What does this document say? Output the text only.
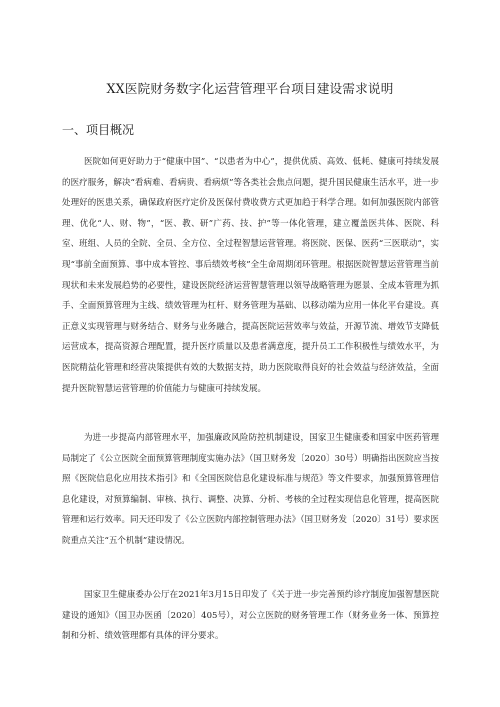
XX医院财务数字化运营管理平台项目建设需求说明
一、项目概况

医院如何更好助力于“健康中国”、“以患者为中心”，提供优质、高效、低耗、健康可持续发展的医疗服务，解决“看病难、看病贵、看病烦”等各类社会焦点问题，提升国民健康生活水平，进一步处理好的医患关系，确保政府医疗定价及医保付费收费方式更加趋于科学合理。如何加强医院内部管理、优化“人、财、物”，“医、教、研”广药、技、护”等一体化管理，建立覆盖医共体、医院、科室、班组、人员的全院、全员、全方位、全过程智慧运营管理。将医院、医保、医药“三医联动”，实现“事前全面预算、事中成本管控、事后绩效考核”全生命周期闭环管理。根据医院智慧运营管理当前现状和未来发展趋势的必要性，建设医院经济运营智慧管理以领导战略管理为愿景、全成本管理为抓手、全面预算管理为主线、绩效管理为杠杆、财务管理为基础、以移动端为应用一体化平台建设。真正意义实现管理与财务结合、财务与业务融合，提高医院运营效率与效益，开源节流、增效节支降低运营成本，提高资源合理配置，提升医疗质量以及患者满意度，提升员工工作积极性与绩效水平，为医院精益化管理和经营决策提供有效的大数据支持，助力医院取得良好的社会效益与经济效益，全面提升医院智慧运营管理的价值能力与健康可持续发展。

为进一步提高内部管理水平，加强廉政风险防控机制建设，国家卫生健康委和国家中医药管理局制定了《公立医院全面预算管理制度实施办法》（国卫财务发〔2020〕30号）明确指出医院应当按照《医院信息化应用技术指引》和《全国医院信息化建设标准与规范》等文件要求，加强预算管理信息化建设，对预算编制、审核、执行、调整、决算、分析、考核的全过程实现信息化管理，提高医院管理和运行效率。同天还印发了《公立医院内部控制管理办法》（国卫财务发〔2020〕31号）要求医院重点关注“五个机制”建设情况。

国家卫生健康委办公厅在2021年3月15日印发了《关于进一步完善预约诊疗制度加强智慧医院建设的通知》（国卫办医函〔2020〕405号），对公立医院的财务管理工作（财务业务一体、预算控制和分析、绩效管理都有具体的评分要求。
